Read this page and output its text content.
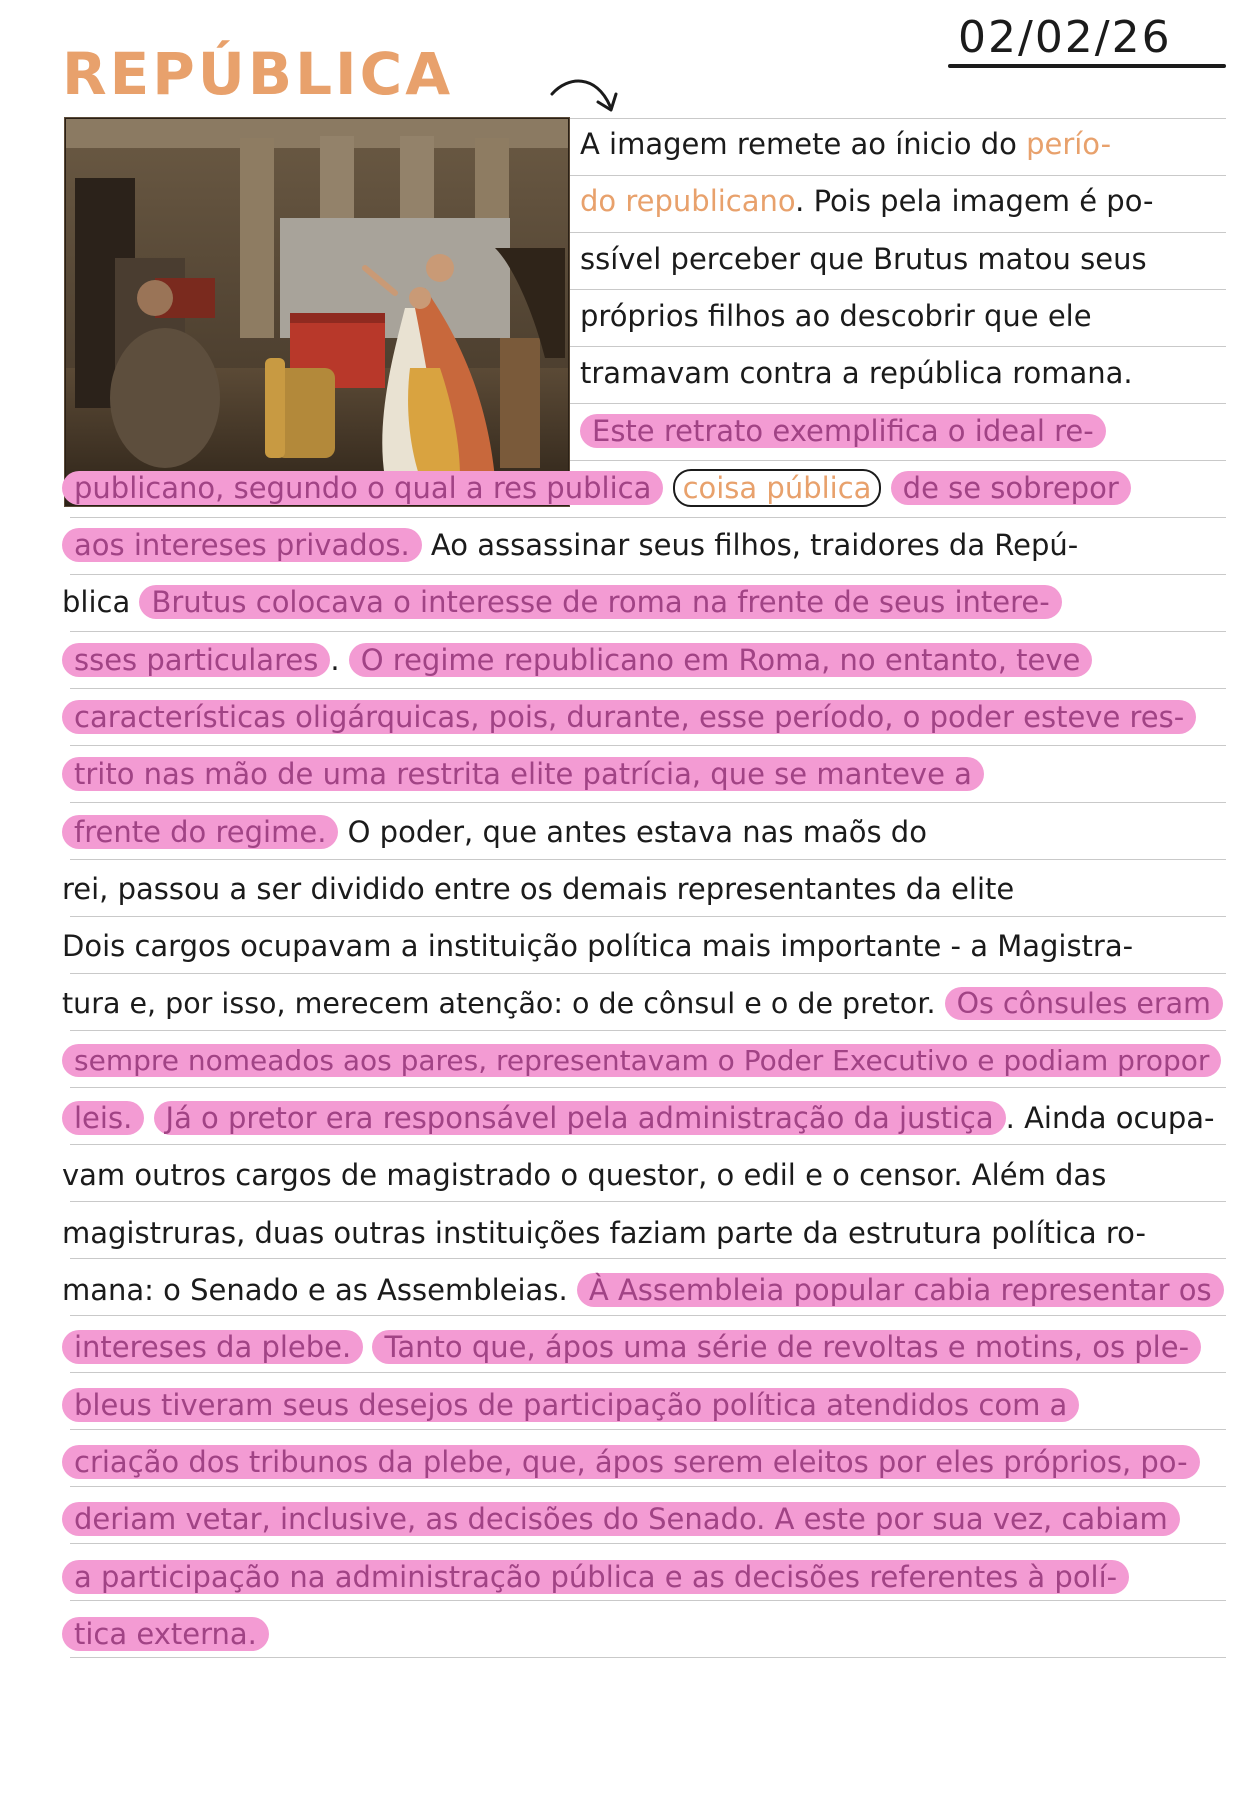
REPÚBLICA
02/02/26
A imagem remete ao ínicio do perío-
do republicano. Pois pela imagem é po-
ssível perceber que Brutus matou seus
próprios filhos ao descobrir que ele
tramavam contra a república romana.
Este retrato exemplifica o ideal re-
publicano, segundo o qual a res publica coisa pública de se sobrepor
aos intereses privados. Ao assassinar seus filhos, traidores da Repú-
blica Brutus colocava o interesse de roma na frente de seus intere-
sses particulares . O regime republicano em Roma, no entanto, teve
características oligárquicas, pois, durante, esse período, o poder esteve res-
trito nas mão de uma restrita elite patrícia, que se manteve a
frente do regime. O poder, que antes estava nas maõs do
rei, passou a ser dividido entre os demais representantes da elite
Dois cargos ocupavam a instituição política mais importante - a Magistra-
tura e, por isso, merecem atenção: o de cônsul e o de pretor. Os cônsules eram
sempre nomeados aos pares, representavam o Poder Executivo e podiam propor
leis. Já o pretor era responsável pela administração da justiça . Ainda ocupa-
vam outros cargos de magistrado o questor, o edil e o censor. Além das
magistruras, duas outras instituições faziam parte da estrutura política ro-
mana: o Senado e as Assembleias. À Assembleia popular cabia representar os
intereses da plebe. Tanto que, ápos uma série de revoltas e motins, os ple-
bleus tiveram seus desejos de participação política atendidos com a
criação dos tribunos da plebe, que, ápos serem eleitos por eles próprios, po-
deriam vetar, inclusive, as decisões do Senado. A este por sua vez, cabiam
a participação na administração pública e as decisões referentes à polí-
tica externa.
